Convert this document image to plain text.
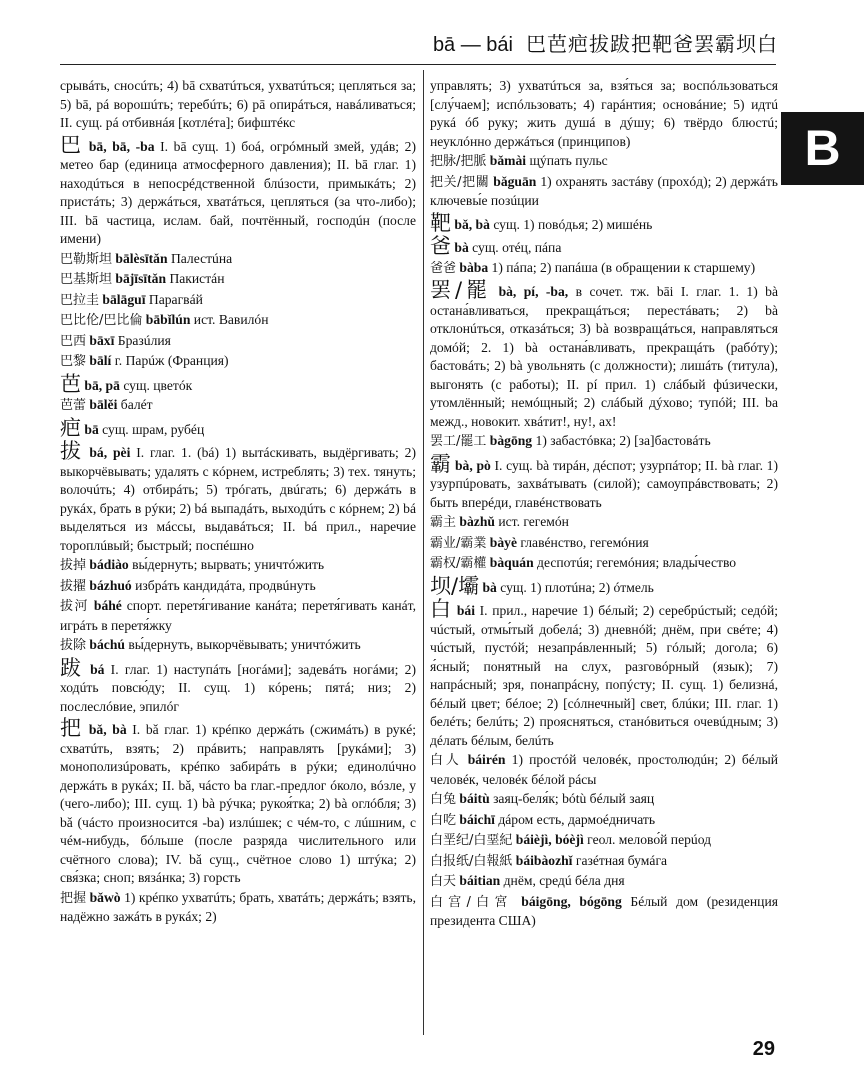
bā — bái 巴芭疤拔跋把靶爸罢霸坝白
B

срывáть, сносúть; 4) bā схватúться, ухватúться; цеплятьcя за; 5) bā, pá ворошúть; теребúть; 6) pā опирáться, навáливаться; II. сущ. pá отбивнáя [котлéта]; бифштéкс

巴 bā, bā, -ba I. bā сущ. 1) боá, огрóмный змей, удáв; 2) метео бар (единица атмосферного давления); II. bā глаг. 1) находúться в непосрéдственной блúзости, примыкáть; 2) пристáть; 3) держáться, хватáться, цеплятьcя (за что-либо); III. bā частица, ислам. бай, почтённый, господúн (после имени)

巴勒斯坦 bālèsītǎn Палестúна

巴基斯坦 bājīsītǎn Пакистáн

巴拉圭 bālāguī Парагвáй

巴比伦/巴比倫 bābǐlún ист. Вавилóн

巴西 bāxī Бразúлия

巴黎 bālí г. Парúж (Франция)

芭 bā, pā сущ. цветóк

芭蕾 bālěi балéт

疤 bā сущ. шрам, рубéц

拔 bá, pèi I. глаг. 1. (bá) 1) вытáскивать, выдёргивать; 2) выкорчёвывать; удалять с кóрнем, истреблять; 3) тех. тянуть; волочúть; 4) отбирáть; 5) трóгать, двúгать; 6) держáть в рукáх, брать в рýки; 2) bá выпадáть, выходúть с кóрнем; 2) bá выделяться из мáссы, выдавáться; II. bá прил., наречие тороплúвый; быстрый; поспéшно

拔掉 bádiào вы́дернуть; вырвать; уничтóжить

拔擢 bázhuó избрáть кандидáта, продвúнуть

拔河 báhé спорт. перетя́гивание канáта; перетя́гивать канáт, игрáть в перетя́жку

拔除 báchú вы́дернуть, выкорчёвывать; уничтóжить

跋 bá I. глаг. 1) наступáть [ногáми]; задевáть ногáми; 2) ходúть повсю́ду; II. сущ. 1) кóрень; пятá; низ; 2) послeслóвие, эпилóг

把 bǎ, bà I. bǎ глаг. 1) крéпко держáть (сжимáть) в рукé; схватúть, взять; 2) прáвить; направлять [рукáми]; 3) монополизúровать, крéпко забирáть в рýки; единолúчно держáть в рукáх; II. bǎ, чáсто ba глаг.-предлог óколо, вóзле, у (чего-либо); III. сущ. 1) bà рýчка; рукоя́тка; 2) bà оглóбля; 3) bǎ (чáсто произносится -ba) излúшек; с чéм-то, с лúшним, с чéм-нибудь, бóльше (после разряда числительного или счётного слова); IV. bǎ сущ., счётное слово 1) штýка; 2) свя́зка; сноп; вязáнка; 3) горсть

把握 bǎwò 1) крéпко ухватúть; брать, хватáть; держáть; взять, надёжно зажáть в рукáх; 2)

управлять; 3) ухватúться за, взя́ться за; воспóльзоваться [слу́чаем]; испóльзовать; 4) гарáнтия; основáние; 5) идтú рукá óб руку; жить душá в дýшу; 6) твёрдо блюстú; неуклóнно держáться (принципов)

把脉/把脈 bǎmài щýпать пульс

把关/把關 bǎguān 1) охранять застáву (прохóд); 2) держáть ключевы́е позúции

靶 bǎ, bà сущ. 1) повóдья; 2) мишéнь

爸 bà сущ. отéц, пáпа

爸爸 bàba 1) пáпа; 2) папáша (в обращении к старшему)

罢/罷 bà, pí, -ba, в сочет. тж. bāi I. глаг. 1. 1) bà остана́вливаться, прекращáться; перестáвать; 2) bà отклонúться, отказáться; 3) bà возвращáться, направляться домóй; 2. 1) bà остана́вливать, прекращáть (рабóту); бастовáть; 2) bà увольнять (с должности); лишáть (титула), выгонять (с работы); II. pí прил. 1) слáбый фúзически, утомлённый; немóщный; 2) слáбый дýхово; тупóй; III. ba межд., новокит. хвáтит!, ну!, ах!

罢工/罷工 bàgōng 1) забастóвка; 2) [за]бастовáть

霸 bà, pò I. сущ. bà тирáн, дéспот; узурпáтор; II. bà глаг. 1) узурпúровать, захвáтывать (силой); самоупрáвствовать; 2) быть вперéди, главéнствовать

霸主 bàzhǔ ист. гегемóн

霸业/霸業 bàyè главéнство, гегемóния

霸权/霸權 bàquán деспотúя; гегемóния; влады́чество

坝/壩 bà сущ. 1) плотúна; 2) óтмель

白 bái I. прил., наречие 1) бéлый; 2) серебрúстый; седóй; чúстый, отмы́тый добелá; 3) дневнóй; днём, при свéте; 4) чúстый, пустóй; незапрáвленный; 5) гóлый; догола; 6) я́сный; понятный на слух, разговóрный (язык); 7) напрáсный; зря, понапрáсну, попýсту; II. сущ. 1) белизнá, бéлый цвет; бéлое; 2) [сóлнечный] свет, блúки; III. глаг. 1) белéть; белúть; 2) проясняться, станóвиться очевúдным; 3) дéлать бéлым, белúть

白人 báirén 1) простóй человéк, простолюдúн; 2) бéлый человéк, человéк бéлой рáсы

白兔 báitù заяц-беля́к; bótù бéлый заяц

白吃 báichī дáром есть, дармоéдничать

白垩纪/白堊紀 báièjì, bóèjì геол. мелово́й перúод

白报纸/白報紙 báibàozhǐ газéтная бумáга

白天 báitian днём, средú бéла дня

白宫/白宮 báigōng, bógōng Бéлый дом (резиденция президента США)

29
